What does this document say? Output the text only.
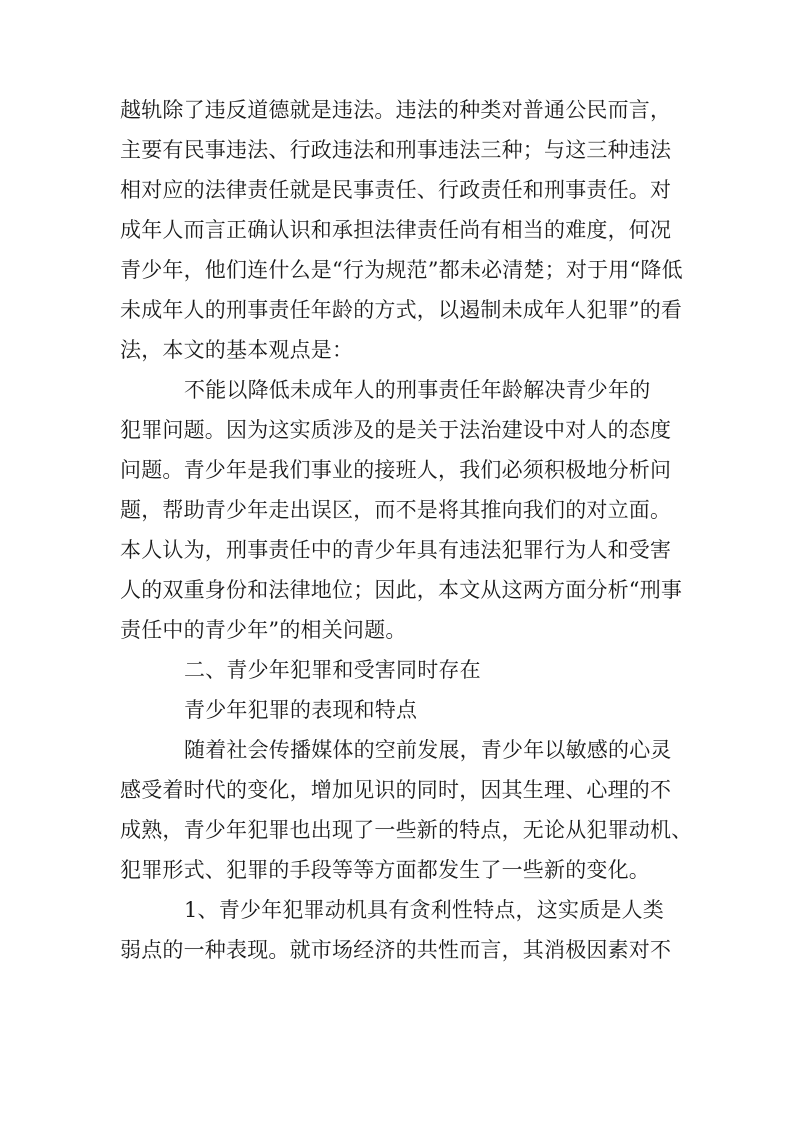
越轨除了违反道德就是违法。违法的种类对普通公民而言，
主要有民事违法、行政违法和刑事违法三种；与这三种违法
相对应的法律责任就是民事责任、行政责任和刑事责任。对
成年人而言正确认识和承担法律责任尚有相当的难度，何况
青少年，他们连什么是“行为规范”都未必清楚；对于用“降低
未成年人的刑事责任年龄的方式，以遏制未成年人犯罪”的看
法，本文的基本观点是：
不能以降低未成年人的刑事责任年龄解决青少年的
犯罪问题。因为这实质涉及的是关于法治建设中对人的态度
问题。青少年是我们事业的接班人，我们必须积极地分析问
题，帮助青少年走出误区，而不是将其推向我们的对立面。
本人认为，刑事责任中的青少年具有违法犯罪行为人和受害
人的双重身份和法律地位；因此，本文从这两方面分析“刑事
责任中的青少年”的相关问题。
二、青少年犯罪和受害同时存在
青少年犯罪的表现和特点
随着社会传播媒体的空前发展，青少年以敏感的心灵
感受着时代的变化，增加见识的同时，因其生理、心理的不
成熟，青少年犯罪也出现了一些新的特点，无论从犯罪动机、
犯罪形式、犯罪的手段等等方面都发生了一些新的变化。
1、青少年犯罪动机具有贪利性特点，这实质是人类
弱点的一种表现。就市场经济的共性而言，其消极因素对不
